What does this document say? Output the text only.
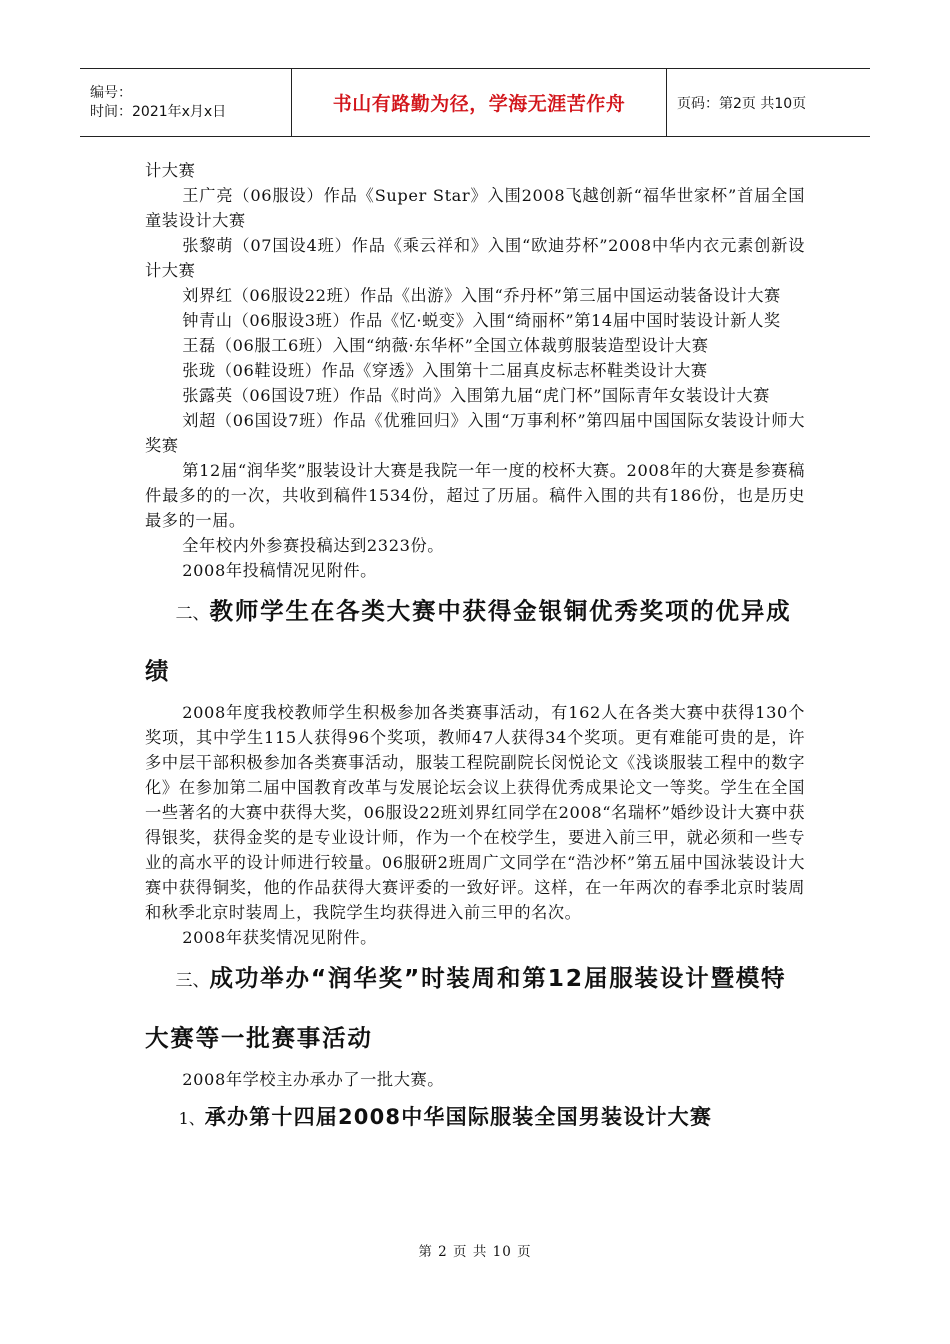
编号：
时间：2021年x月x日	书山有路勤为径，学海无涯苦作舟	页码：第2页 共10页

计大赛

王广亮（06服设）作品《Super Star》入围2008飞越创新“福华世家杯”首届全国童装设计大赛

张黎萌（07国设4班）作品《乘云祥和》入围“欧迪芬杯”2008中华内衣元素创新设计大赛

刘界红（06服设22班）作品《出游》入围“乔丹杯”第三届中国运动装备设计大赛

钟青山（06服设3班）作品《忆·蜕变》入围“绮丽杯”第14届中国时装设计新人奖

王磊（06服工6班）入围“纳薇·东华杯”全国立体裁剪服装造型设计大赛

张珑（06鞋设班）作品《穿透》入围第十二届真皮标志杯鞋类设计大赛

张露英（06国设7班）作品《时尚》入围第九届“虎门杯”国际青年女装设计大赛

刘超（06国设7班）作品《优雅回归》入围“万事利杯”第四届中国国际女装设计师大奖赛

第12届“润华奖”服装设计大赛是我院一年一度的校杯大赛。2008年的大赛是参赛稿件最多的的一次，共收到稿件1534份，超过了历届。稿件入围的共有186份，也是历史最多的一届。

全年校内外参赛投稿达到2323份。

2008年投稿情况见附件。

二、教师学生在各类大赛中获得金银铜优秀奖项的优异成绩

2008年度我校教师学生积极参加各类赛事活动，有162人在各类大赛中获得130个奖项，其中学生115人获得96个奖项，教师47人获得34个奖项。更有难能可贵的是，许多中层干部积极参加各类赛事活动，服装工程院副院长闵悦论文《浅谈服装工程中的数字化》在参加第二届中国教育改革与发展论坛会议上获得优秀成果论文一等奖。学生在全国一些著名的大赛中获得大奖，06服设22班刘界红同学在2008“名瑞杯”婚纱设计大赛中获得银奖，获得金奖的是专业设计师，作为一个在校学生，要进入前三甲，就必须和一些专业的高水平的设计师进行较量。06服研2班周广文同学在“浩沙杯”第五届中国泳装设计大赛中获得铜奖，他的作品获得大赛评委的一致好评。这样，在一年两次的春季北京时装周和秋季北京时装周上，我院学生均获得进入前三甲的名次。

2008年获奖情况见附件。

三、成功举办“润华奖”时装周和第12届服装设计暨模特大赛等一批赛事活动

2008年学校主办承办了一批大赛。

1、承办第十四届2008中华国际服装全国男装设计大赛
第 2 页 共 10 页
